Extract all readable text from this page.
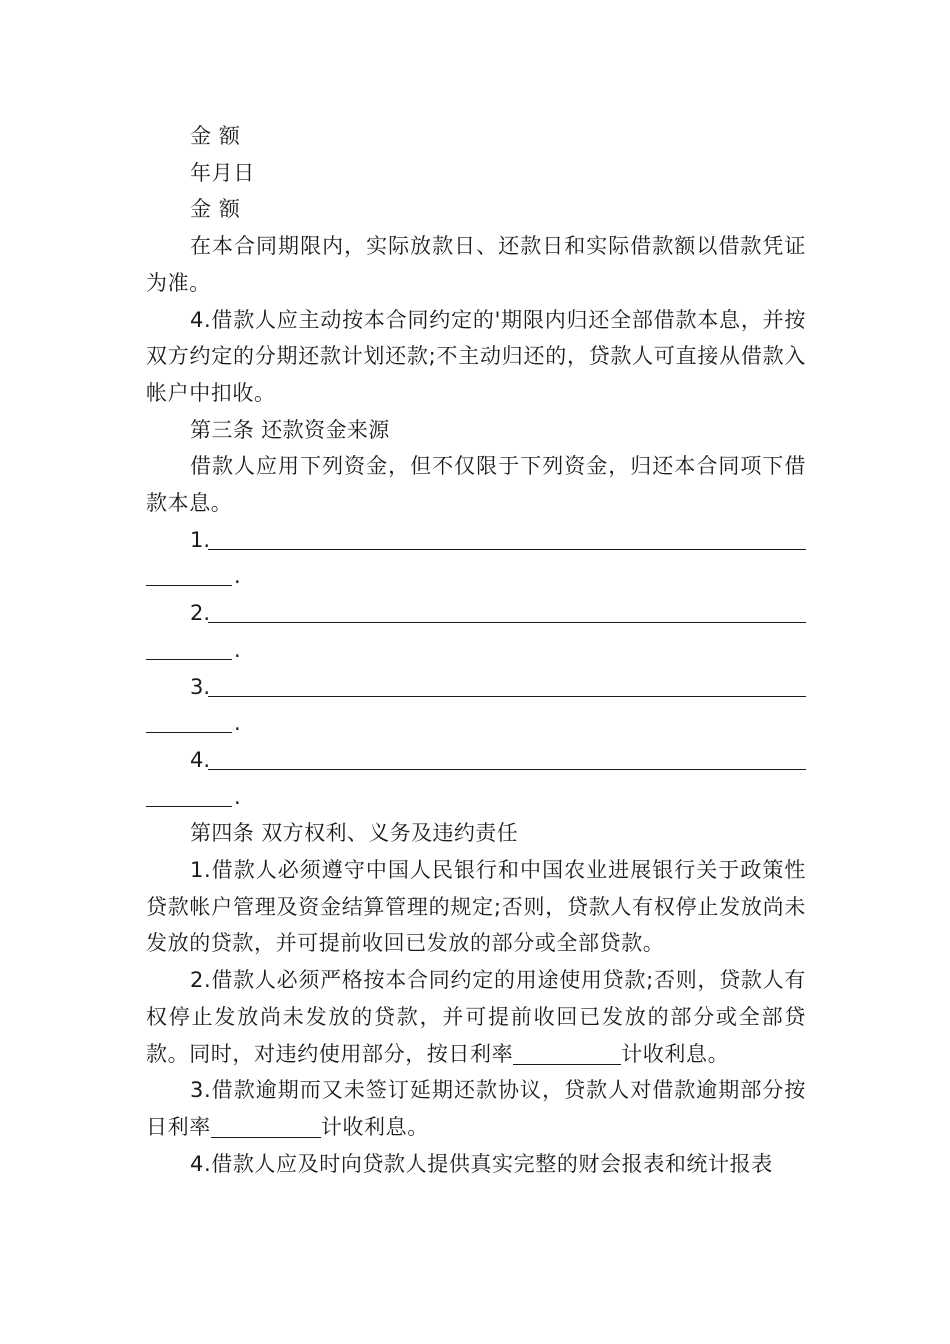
金 额

年月日

金 额

在本合同期限内，实际放款日、还款日和实际借款额以借款凭证为准。

4.借款人应主动按本合同约定的'期限内归还全部借款本息，并按双方约定的分期还款计划还款;不主动归还的，贷款人可直接从借款入帐户中扣收。

第三条 还款资金来源

借款人应用下列资金，但不仅限于下列资金，归还本合同项下借款本息。

1.
.
2.
.
3.
.
4.
.

第四条 双方权利、义务及违约责任

1.借款人必须遵守中国人民银行和中国农业进展银行关于政策性贷款帐户管理及资金结算管理的规定;否则，贷款人有权停止发放尚未发放的贷款，并可提前收回已发放的部分或全部贷款。

2.借款人必须严格按本合同约定的用途使用贷款;否则，贷款人有权停止发放尚未发放的贷款，并可提前收回已发放的部分或全部贷款。同时，对违约使用部分，按日利率	计收利息。

3.借款逾期而又未签订延期还款协议，贷款人对借款逾期部分按日利率	计收利息。

4.借款人应及时向贷款人提供真实完整的财会报表和统计报表
